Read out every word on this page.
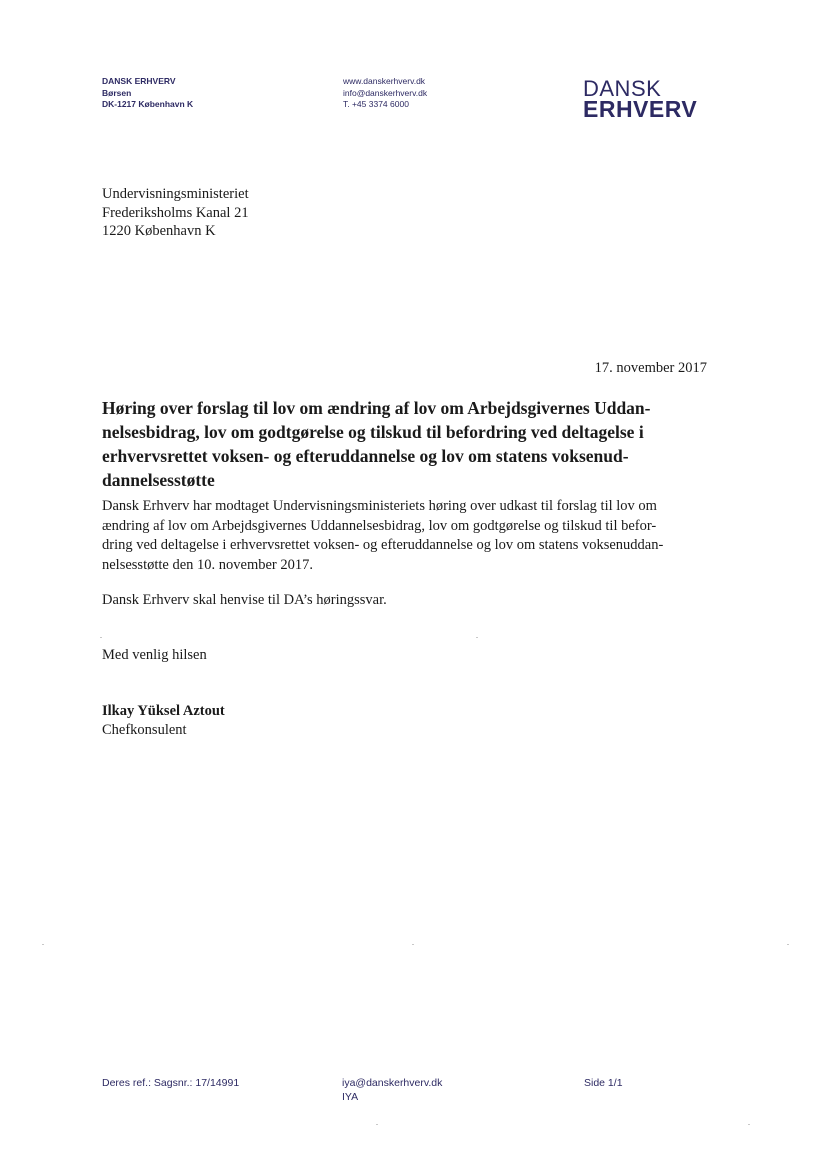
DANSK ERHVERV
Børsen
DK-1217 København K
www.danskerhverv.dk
info@danskerhverv.dk
T. +45 3374 6000
DANSK
ERHVERV
Undervisningsministeriet
Frederiksholms Kanal 21
1220 København K
17. november 2017
Høring over forslag til lov om ændring af lov om Arbejdsgivernes Uddan-
nelsesbidrag, lov om godtgørelse og tilskud til befordring ved deltagelse i
erhvervsrettet voksen- og efteruddannelse og lov om statens voksenud-
dannelsesstøtte
Dansk Erhverv har modtaget Undervisningsministeriets høring over udkast til forslag til lov om
ændring af lov om Arbejdsgivernes Uddannelsesbidrag, lov om godtgørelse og tilskud til befor-
dring ved deltagelse i erhvervsrettet voksen- og efteruddannelse og lov om statens voksenuddan-
nelsesstøtte den 10. november 2017.
Dansk Erhverv skal henvise til DA’s høringssvar.
Med venlig hilsen
Ilkay Yüksel Aztout
Chefkonsulent
Deres ref.: Sagsnr.: 17/14991	iya@danskerhverv.dk
IYA
Side 1/1
